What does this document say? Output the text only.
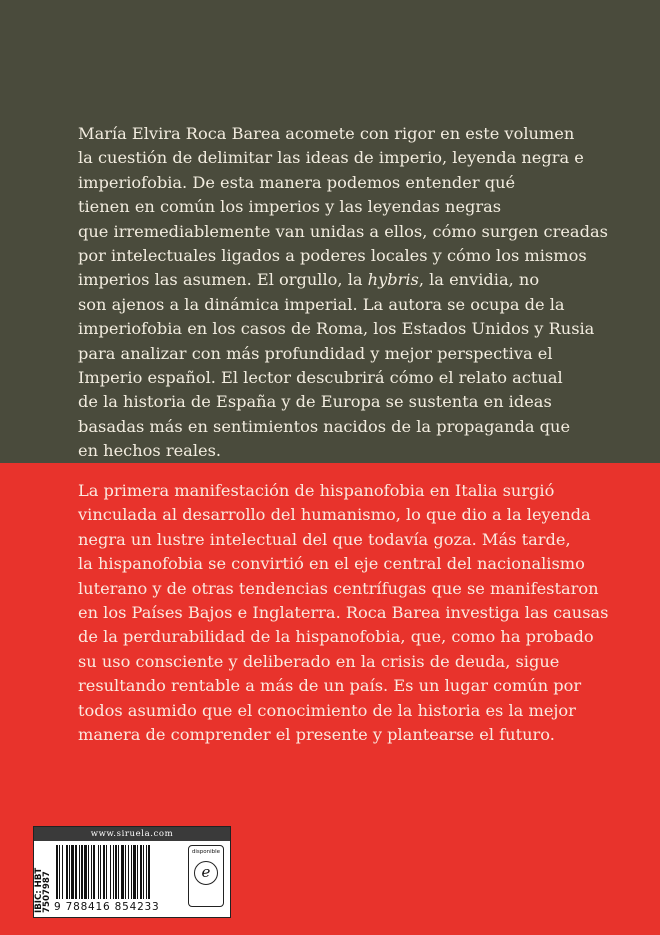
María Elvira Roca Barea acomete con rigor en este volumen
la cuestión de delimitar las ideas de imperio, leyenda negra e
imperiofobia. De esta manera podemos entender qué
tienen en común los imperios y las leyendas negras
que irremediablemente van unidas a ellos, cómo surgen creadas
por intelectuales ligados a poderes locales y cómo los mismos
imperios las asumen. El orgullo, la hybris, la envidia, no
son ajenos a la dinámica imperial. La autora se ocupa de la
imperiofobia en los casos de Roma, los Estados Unidos y Rusia
para analizar con más profundidad y mejor perspectiva el
Imperio español. El lector descubrirá cómo el relato actual
de la historia de España y de Europa se sustenta en ideas
basadas más en sentimientos nacidos de la propaganda que
en hechos reales.

La primera manifestación de hispanofobia en Italia surgió
vinculada al desarrollo del humanismo, lo que dio a la leyenda
negra un lustre intelectual del que todavía goza. Más tarde,
la hispanofobia se convirtió en el eje central del nacionalismo
luterano y de otras tendencias centrífugas que se manifestaron
en los Países Bajos e Inglaterra. Roca Barea investiga las causas
de la perdurabilidad de la hispanofobia, que, como ha probado
su uso consciente y deliberado en la crisis de deuda, sigue
resultando rentable a más de un país. Es un lugar común por
todos asumido que el conocimiento de la historia es la mejor
manera de comprender el presente y plantearse el futuro.

www.siruela.com
IBIC: HBT
7507987 9 788416 854233
disponible
e
